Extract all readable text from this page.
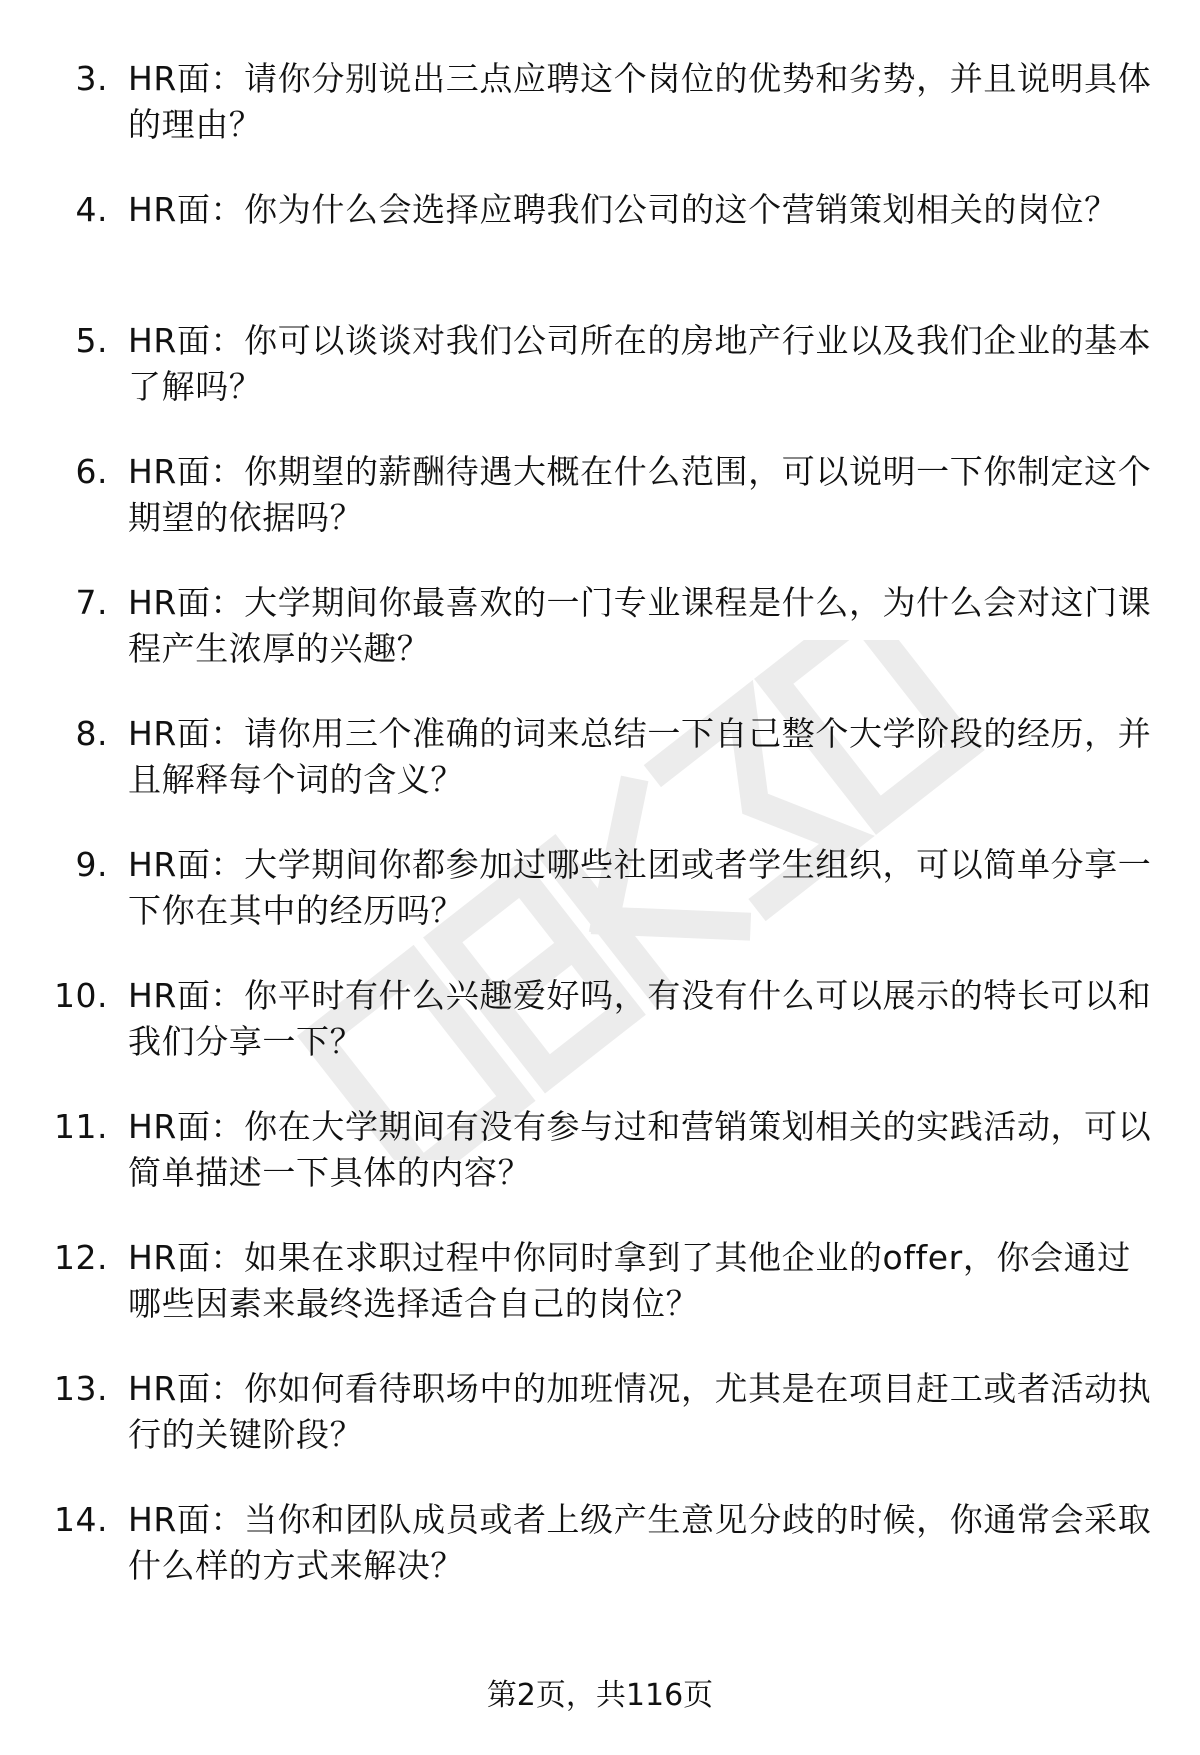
3. HR面：请你分别说出三点应聘这个岗位的优势和劣势，并且说明具体的理由？
4. HR面：你为什么会选择应聘我们公司的这个营销策划相关的岗位？
5. HR面：你可以谈谈对我们公司所在的房地产行业以及我们企业的基本了解吗？
6. HR面：你期望的薪酬待遇大概在什么范围，可以说明一下你制定这个期望的依据吗？
7. HR面：大学期间你最喜欢的一门专业课程是什么，为什么会对这门课程产生浓厚的兴趣？
8. HR面：请你用三个准确的词来总结一下自己整个大学阶段的经历，并且解释每个词的含义？
9. HR面：大学期间你都参加过哪些社团或者学生组织，可以简单分享一下你在其中的经历吗？
10. HR面：你平时有什么兴趣爱好吗，有没有什么可以展示的特长可以和我们分享一下？
11. HR面：你在大学期间有没有参与过和营销策划相关的实践活动，可以简单描述一下具体的内容？
12. HR面：如果在求职过程中你同时拿到了其他企业的offer，你会通过哪些因素来最终选择适合自己的岗位？
13. HR面：你如何看待职场中的加班情况，尤其是在项目赶工或者活动执行的关键阶段？
14. HR面：当你和团队成员或者上级产生意见分歧的时候，你通常会采取什么样的方式来解决？
第2页，共116页
